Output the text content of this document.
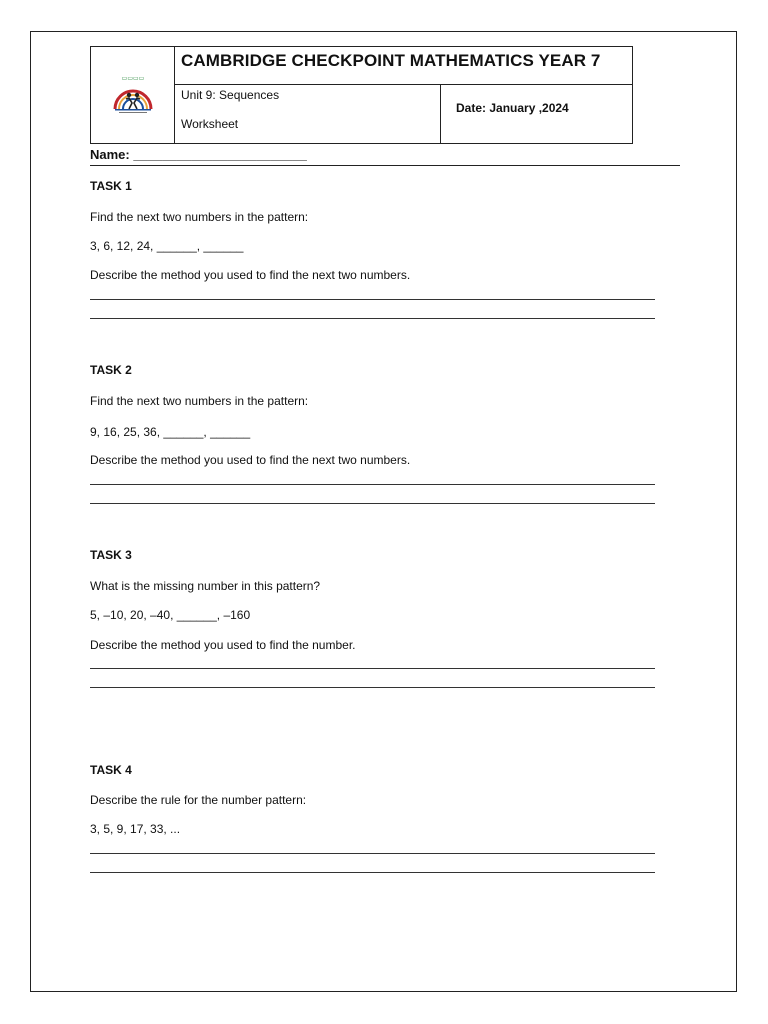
▭▭▭▭
CAMBRIDGE CHECKPOINT MATHEMATICS YEAR 7
Unit 9: Sequences
Worksheet
Date: January ,2024
Name: ________________________
TASK 1
Find the next two numbers in the pattern:
3, 6, 12, 24, ______, ______
Describe the method you used to find the next two numbers.
TASK 2
Find the next two numbers in the pattern:
9, 16, 25, 36, ______, ______
Describe the method you used to find the next two numbers.
TASK 3
What is the missing number in this pattern?
5, –10, 20, –40, ______, –160
Describe the method you used to find the number.
TASK 4
Describe the rule for the number pattern:
3, 5, 9, 17, 33, ...
